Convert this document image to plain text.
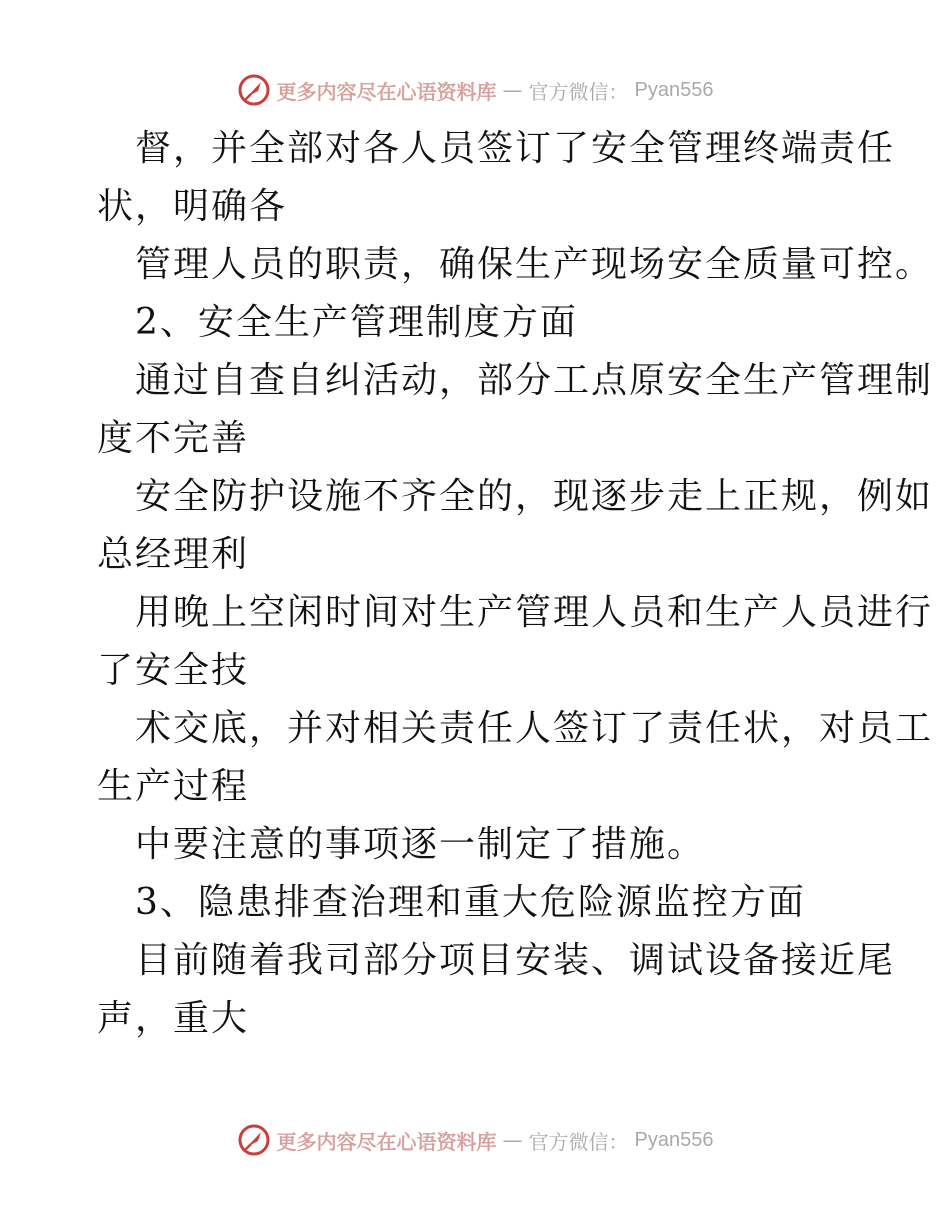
更多内容尽在心语资料库 — 官方微信： Pyan556
督，并全部对各人员签订了安全管理终端责任
状，明确各
管理人员的职责，确保生产现场安全质量可控。
2、安全生产管理制度方面
通过自查自纠活动，部分工点原安全生产管理制
度不完善
安全防护设施不齐全的，现逐步走上正规，例如
总经理利
用晚上空闲时间对生产管理人员和生产人员进行
了安全技
术交底，并对相关责任人签订了责任状，对员工
生产过程
中要注意的事项逐一制定了措施。
3、隐患排查治理和重大危险源监控方面
目前随着我司部分项目安装、调试设备接近尾
声，重大
更多内容尽在心语资料库 — 官方微信： Pyan556
